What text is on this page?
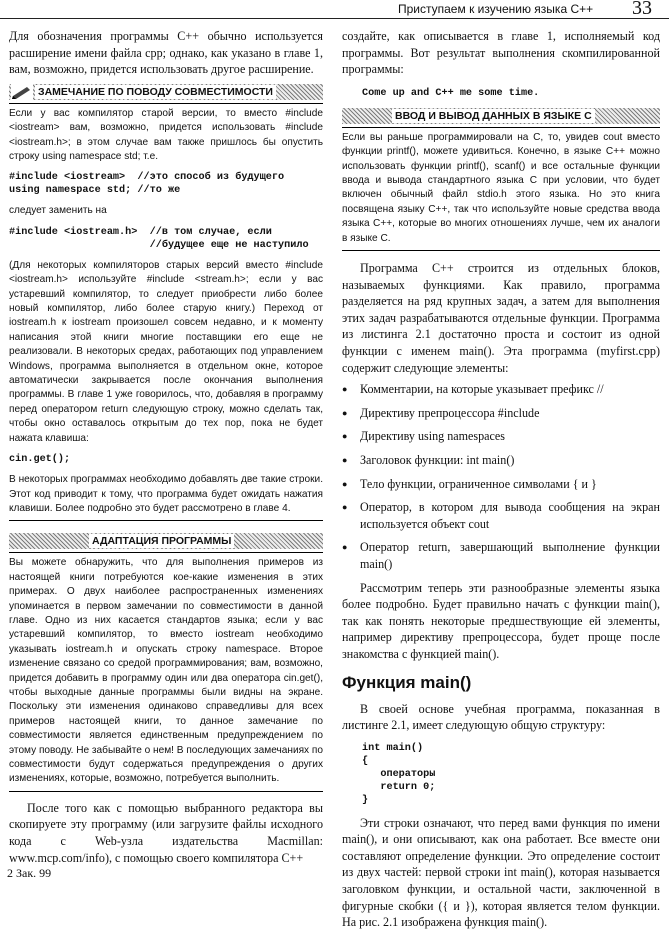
Приступаем к изучению языка С++ 33

Для обозначения программы С++ обычно используется расширение имени файла cpp; однако, как указано в главе 1, вам, возможно, придется использовать другое расширение.

ЗАМЕЧАНИЕ ПО ПОВОДУ СОВМЕСТИМОСТИ

Если у вас компилятор старой версии, то вместо #include <iostream> вам, возможно, придется использовать #include <iostream.h>; в этом случае вам также пришлось бы опустить строку using namespace std; т.е.

#include <iostream>  //это способ из будущего
using namespace std; //то же

следует заменить на

#include <iostream.h>  //в том случае, если
//будущее еще не наступило

(Для некоторых компиляторов старых версий вместо #include <iostream.h> используйте #include <stream.h>; если у вас устаревший компилятор, то следует приобрести либо более новый компилятор, либо более старую книгу.) Переход от iostream.h к iostream произошел совсем недавно, и к моменту написания этой книги многие поставщики его еще не реализовали. В некоторых средах, работающих под управлением Windows, программа выполняется в отдельном окне, которое автоматически закрывается после окончания выполнения программы. В главе 1 уже говорилось, что, добавляя в программу перед оператором return следующую строку, можно сделать так, чтобы окно оставалось открытым до тех пор, пока не будет нажата клавиша:

cin.get();

В некоторых программах необходимо добавлять две такие строки. Этот код приводит к тому, что программа будет ожидать нажатия клавиши. Более подробно это будет рассмотрено в главе 4.

АДАПТАЦИЯ ПРОГРАММЫ

Вы можете обнаружить, что для выполнения примеров из настоящей книги потребуются кое-какие изменения в этих примерах. О двух наиболее распространенных изменениях упоминается в первом замечании по совместимости в данной главе. Одно из них касается стандартов языка; если у вас устаревший компилятор, то вместо iostream необходимо указывать iostream.h и опускать строку namespace. Второе изменение связано со средой программирования; вам, возможно, придется добавить в программу один или два оператора cin.get(), чтобы выходные данные программы были видны на экране. Поскольку эти изменения одинаково справедливы для всех примеров настоящей книги, то данное замечание по совместимости является единственным предупреждением по этому поводу. Не забывайте о нем! В последующих замечаниях по совместимости будут содержаться предупреждения о других изменениях, которые, возможно, потребуется выполнить.

После того как с помощью выбранного редактора вы скопируете эту программу (или загрузите файлы исходного кода с Web-узла издательства Macmillan: www.mcp.com/info), с помощью своего компилятора С++

создайте, как описывается в главе 1, исполняемый код программы. Вот результат выполнения скомпилированной программы:

Come up and C++ me some time.
ВВОД И ВЫВОД ДАННЫХ В ЯЗЫКЕ С

Если вы раньше программировали на С, то, увидев cout вместо функции printf(), можете удивиться. Конечно, в языке С++ можно использовать функции printf(), scanf() и все остальные функции ввода и вывода стандартного языка С при условии, что будет включен обычный файл stdio.h этого языка. Но это книга посвящена языку С++, так что используйте новые средства ввода языка С++, которые во многих отношениях лучше, чем их аналоги в языке С.

Программа С++ строится из отдельных блоков, называемых функциями. Как правило, программа разделяется на ряд крупных задач, а затем для выполнения этих задач разрабатываются отдельные функции. Программа из листинга 2.1 достаточно проста и состоит из одной функции с именем main(). Эта программа (myfirst.cpp) содержит следующие элементы:

● Комментарии, на которые указывает префикс //
● Директиву препроцессора #include
● Директиву using namespaces
● Заголовок функции: int main()
● Тело функции, ограниченное символами { и }
● Оператор, в котором для вывода сообщения на экран используется объект cout
● Оператор return, завершающий выполнение функции main()

Рассмотрим теперь эти разнообразные элементы языка более подробно. Будет правильно начать с функции main(), так как понять некоторые предшествующие ей элементы, например директиву препроцессора, будет проще после знакомства с функцией main().

Функция main()

В своей основе учебная программа, показанная в листинге 2.1, имеет следующую общую структуру:

int main()
{
операторы
return 0;
}

Эти строки означают, что перед вами функция по имени main(), и они описывают, как она работает. Все вместе они составляют определение функции. Это определение состоит из двух частей: первой строки int main(), которая называется заголовком функции, и остальной части, заключенной в фигурные скобки ({ и }), которая является телом функции. На рис. 2.1 изображена функция main().

2 Зак. 99
